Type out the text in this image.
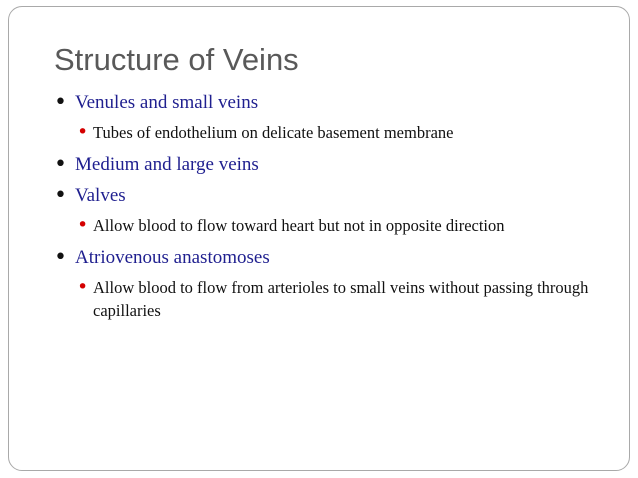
Structure of Veins
• Venules and small veins
• Tubes of endothelium on delicate basement membrane
• Medium and large veins
• Valves
• Allow blood to flow toward heart but not in opposite direction
• Atriovenous anastomoses
• Allow blood to flow from arterioles to small veins without passing through capillaries
